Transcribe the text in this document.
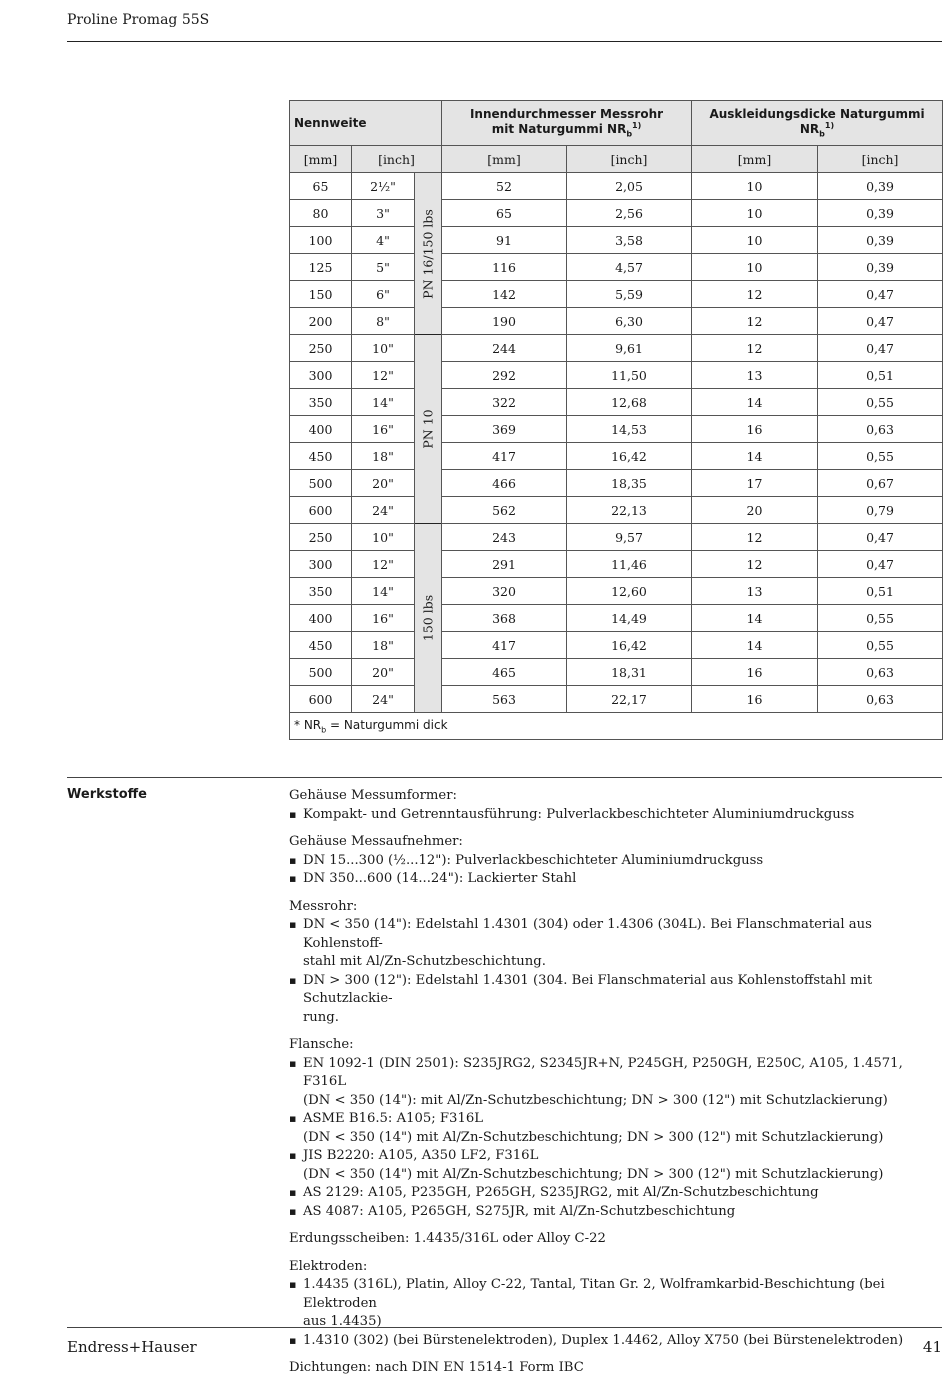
Proline Promag 55S
Nennweite			Innendurchmesser Messrohr
mit Naturgummi $NR_b^{1)}$		Auskleidungsdicke Naturgummi $NR_b^{1)}$
[mm]	[inch]		[mm]	[inch]	[mm]	[inch]
65	2½"	PN 16/150 lbs	52	2,05	10	0,39
80	3"		65	2,56	10	0,39
100	4"		91	3,58	10	0,39
125	5"		116	4,57	10	0,39
150	6"		142	5,59	12	0,47
200	8"		190	6,30	12	0,47
250	10"	PN 10	244	9,61	12	0,47
300	12"		292	11,50	13	0,51
350	14"		322	12,68	14	0,55
400	16"		369	14,53	16	0,63
450	18"		417	16,42	14	0,55
500	20"		466	18,35	17	0,67
600	24"		562	22,13	20	0,79
250	10"	150 lbs	243	9,57	12	0,47
300	12"		291	11,46	12	0,47
350	14"		320	12,60	13	0,51
400	16"		368	14,49	14	0,55
450	18"		417	16,42	14	0,55
500	20"		465	18,31	16	0,63
600	24"		563	22,17	16	0,63
* $NR_b$ = Naturgummi dick						
Werkstoffe	Gehäuse Messumformer:
▪ Kompakt- und Getrenntausführung: Pulverlackbeschichteter Aluminiumdruckguss
Gehäuse Messaufnehmer:
▪ DN 15...300 (½...12"): Pulverlackbeschichteter Aluminiumdruckguss
▪ DN 350...600 (14...24"): Lackierter Stahl
Messrohr:
▪ DN < 350 (14"): Edelstahl 1.4301 (304) oder 1.4306 (304L). Bei Flanschmaterial aus Kohlenstoff-
stahl mit Al/Zn-Schutzbeschichtung.
▪ DN > 300 (12"): Edelstahl 1.4301 (304. Bei Flanschmaterial aus Kohlenstoffstahl mit Schutzlackie-
rung.
Flansche:
▪ EN 1092-1 (DIN 2501): S235JRG2, S2345JR+N, P245GH, P250GH, E250C, A105, 1.4571, F316L
(DN < 350 (14"): mit Al/Zn-Schutzbeschichtung; DN > 300 (12") mit Schutzlackierung)
▪ ASME B16.5: A105; F316L
(DN < 350 (14") mit Al/Zn-Schutzbeschichtung; DN > 300 (12") mit Schutzlackierung)
▪ JIS B2220: A105, A350 LF2, F316L
(DN < 350 (14") mit Al/Zn-Schutzbeschichtung; DN > 300 (12") mit Schutzlackierung)
▪ AS 2129: A105, P235GH, P265GH, S235JRG2, mit Al/Zn-Schutzbeschichtung
▪ AS 4087: A105, P265GH, S275JR, mit Al/Zn-Schutzbeschichtung
Erdungsscheiben: 1.4435/316L oder Alloy C-22
Elektroden:
▪ 1.4435 (316L), Platin, Alloy C-22, Tantal, Titan Gr. 2, Wolframkarbid-Beschichtung (bei Elektroden
aus 1.4435)
▪ 1.4310 (302) (bei Bürstenelektroden), Duplex 1.4462, Alloy X750 (bei Bürstenelektroden)
Dichtungen: nach DIN EN 1514-1 Form IBC
Endress+Hauser	41
